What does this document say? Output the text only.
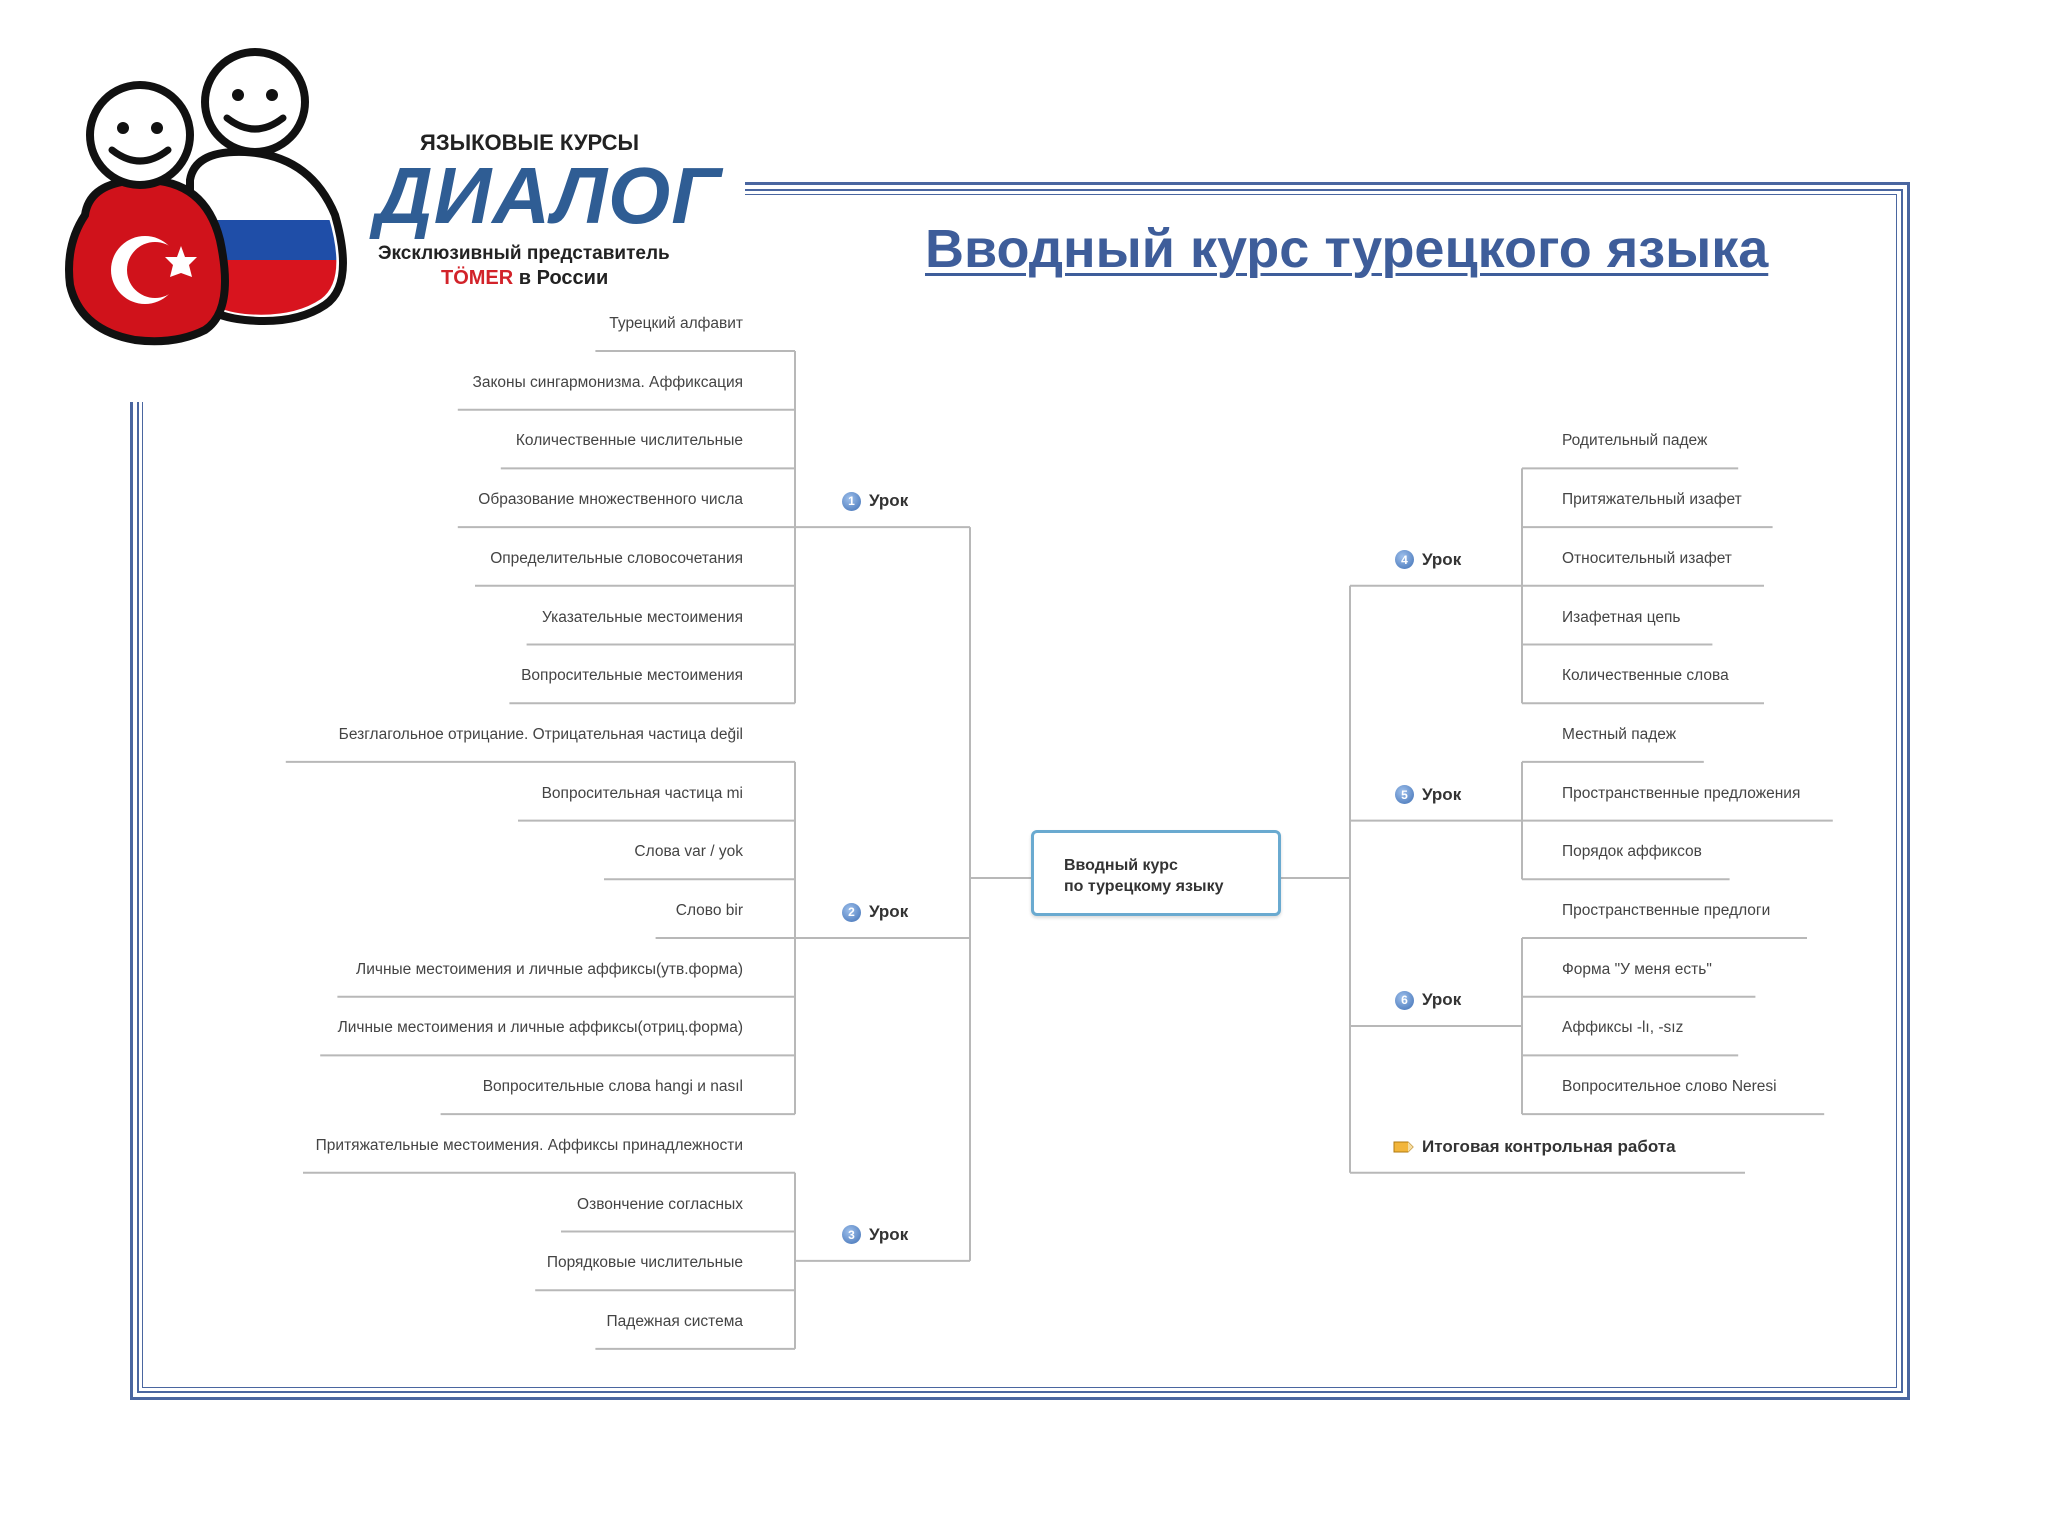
Вводный курс турецкого языка
ЯЗЫКОВЫЕ КУРСЫ
ДИАЛОГ
Эксклюзивный представитель
TÖMER в России
Турецкий алфавит
Законы сингармонизма. Аффиксация
Количественные числительные
Образование множественного числа
Определительные словосочетания
Указательные местоимения
Вопросительные местоимения
1 Урок
Безглагольное отрицание. Отрицательная частица değil
Вопросительная частица mi
Слова var / yok
Слово bir
Личные местоимения и личные аффиксы(утв.форма)
Личные местоимения и личные аффиксы(отриц.форма)
Вопросительные слова hangi и nasıl
2 Урок
Притяжательные местоимения. Аффиксы принадлежности
Озвончение согласных
Порядковые числительные
Падежная система
3 Урок
Родительный падеж
Притяжательный изафет
Относительный изафет
Изафетная цепь
Количественные слова
4 Урок
Местный падеж
Пространственные предложения
Порядок аффиксов
5 Урок
Пространственные предлоги
Форма "У меня есть"
Аффиксы -lı, -sız
Вопросительное слово Neresi
6 Урок
Итоговая контрольная работа
Вводный курс
по турецкому языку
